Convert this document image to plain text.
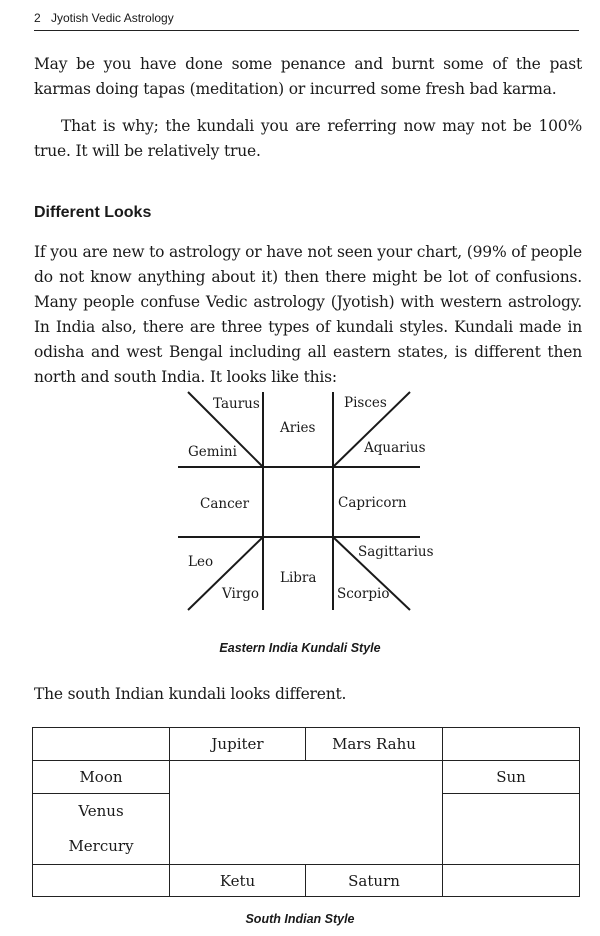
2 Jyotish Vedic Astrology

May be you have done some penance and burnt some of the past karmas doing tapas (meditation) or incurred some fresh bad karma.

That is why; the kundali you are referring now may not be 100% true. It will be relatively true.

Different Looks

If you are new to astrology or have not seen your chart, (99% of people do not know anything about it) then there might be lot of confusions. Many people confuse Vedic astrology (Jyotish) with western astrology. In India also, there are three types of kundali styles. Kundali made in odisha and west Bengal including all eastern states, is different then north and south India. It looks like this:

Taurus
Aries
Pisces
Gemini	Aquarius
Cancer	Capricorn
Leo
Sagittarius
Virgo
Libra
Scorpio
Eastern India Kundali Style

The south Indian kundali looks different.

	Jupiter	Mars Rahu	
Moon			Sun

Venus
Mercury			

	Ketu	Saturn	
South Indian Style
